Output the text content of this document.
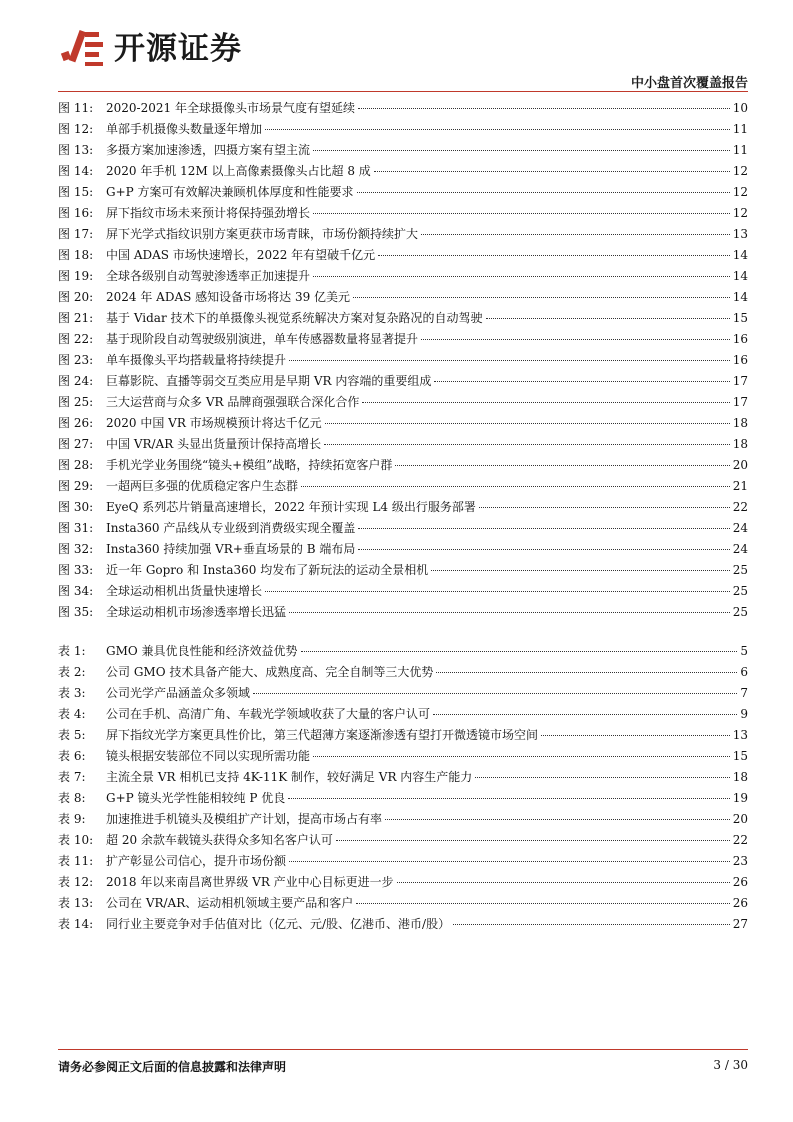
开源证券
中小盘首次覆盖报告
图 11:	2020-2021 年全球摄像头市场景气度有望延续	10
图 12:	单部手机摄像头数量逐年增加	11
图 13:	多摄方案加速渗透，四摄方案有望主流	11
图 14:	2020 年手机 12M 以上高像素摄像头占比超 8 成	12
图 15:	G+P 方案可有效解决兼顾机体厚度和性能要求	12
图 16:	屏下指纹市场未来预计将保持强劲增长	12
图 17:	屏下光学式指纹识别方案更获市场青睐，市场份额持续扩大	13
图 18:	中国 ADAS 市场快速增长，2022 年有望破千亿元	14
图 19:	全球各级别自动驾驶渗透率正加速提升	14
图 20:	2024 年 ADAS 感知设备市场将达 39 亿美元	14
图 21:	基于 Vidar 技术下的单摄像头视觉系统解决方案对复杂路况的自动驾驶	15
图 22:	基于现阶段自动驾驶级别演进，单车传感器数量将显著提升	16
图 23:	单车摄像头平均搭载量将持续提升	16
图 24:	巨幕影院、直播等弱交互类应用是早期 VR 内容端的重要组成	17
图 25:	三大运营商与众多 VR 品牌商强强联合深化合作	17
图 26:	2020 中国 VR 市场规模预计将达千亿元	18
图 27:	中国 VR/AR 头显出货量预计保持高增长	18
图 28:	手机光学业务围绕“镜头+模组”战略，持续拓宽客户群	20
图 29:	一超两巨多强的优质稳定客户生态群	21
图 30:	EyeQ 系列芯片销量高速增长，2022 年预计实现 L4 级出行服务部署	22
图 31:	Insta360 产品线从专业级到消费级实现全覆盖	24
图 32:	Insta360 持续加强 VR+垂直场景的 B 端布局	24
图 33:	近一年 Gopro 和 Insta360 均发布了新玩法的运动全景相机	25
图 34:	全球运动相机出货量快速增长	25
图 35:	全球运动相机市场渗透率增长迅猛	25
表 1:	GMO 兼具优良性能和经济效益优势	5
表 2:	公司 GMO 技术具备产能大、成熟度高、完全自制等三大优势	6
表 3:	公司光学产品涵盖众多领域	7
表 4:	公司在手机、高清广角、车载光学领域收获了大量的客户认可	9
表 5:	屏下指纹光学方案更具性价比，第三代超薄方案逐渐渗透有望打开微透镜市场空间	13
表 6:	镜头根据安装部位不同以实现所需功能	15
表 7:	主流全景 VR 相机已支持 4K-11K 制作，较好满足 VR 内容生产能力	18
表 8:	G+P 镜头光学性能相较纯 P 优良	19
表 9:	加速推进手机镜头及模组扩产计划，提高市场占有率	20
表 10:	超 20 余款车载镜头获得众多知名客户认可	22
表 11:	扩产彰显公司信心，提升市场份额	23
表 12:	2018 年以来南昌离世界级 VR 产业中心目标更进一步	26
表 13:	公司在 VR/AR、运动相机领域主要产品和客户	26
表 14:	同行业主要竞争对手估值对比（亿元、元/股、亿港币、港币/股）	27
请务必参阅正文后面的信息披露和法律声明	3 / 30
